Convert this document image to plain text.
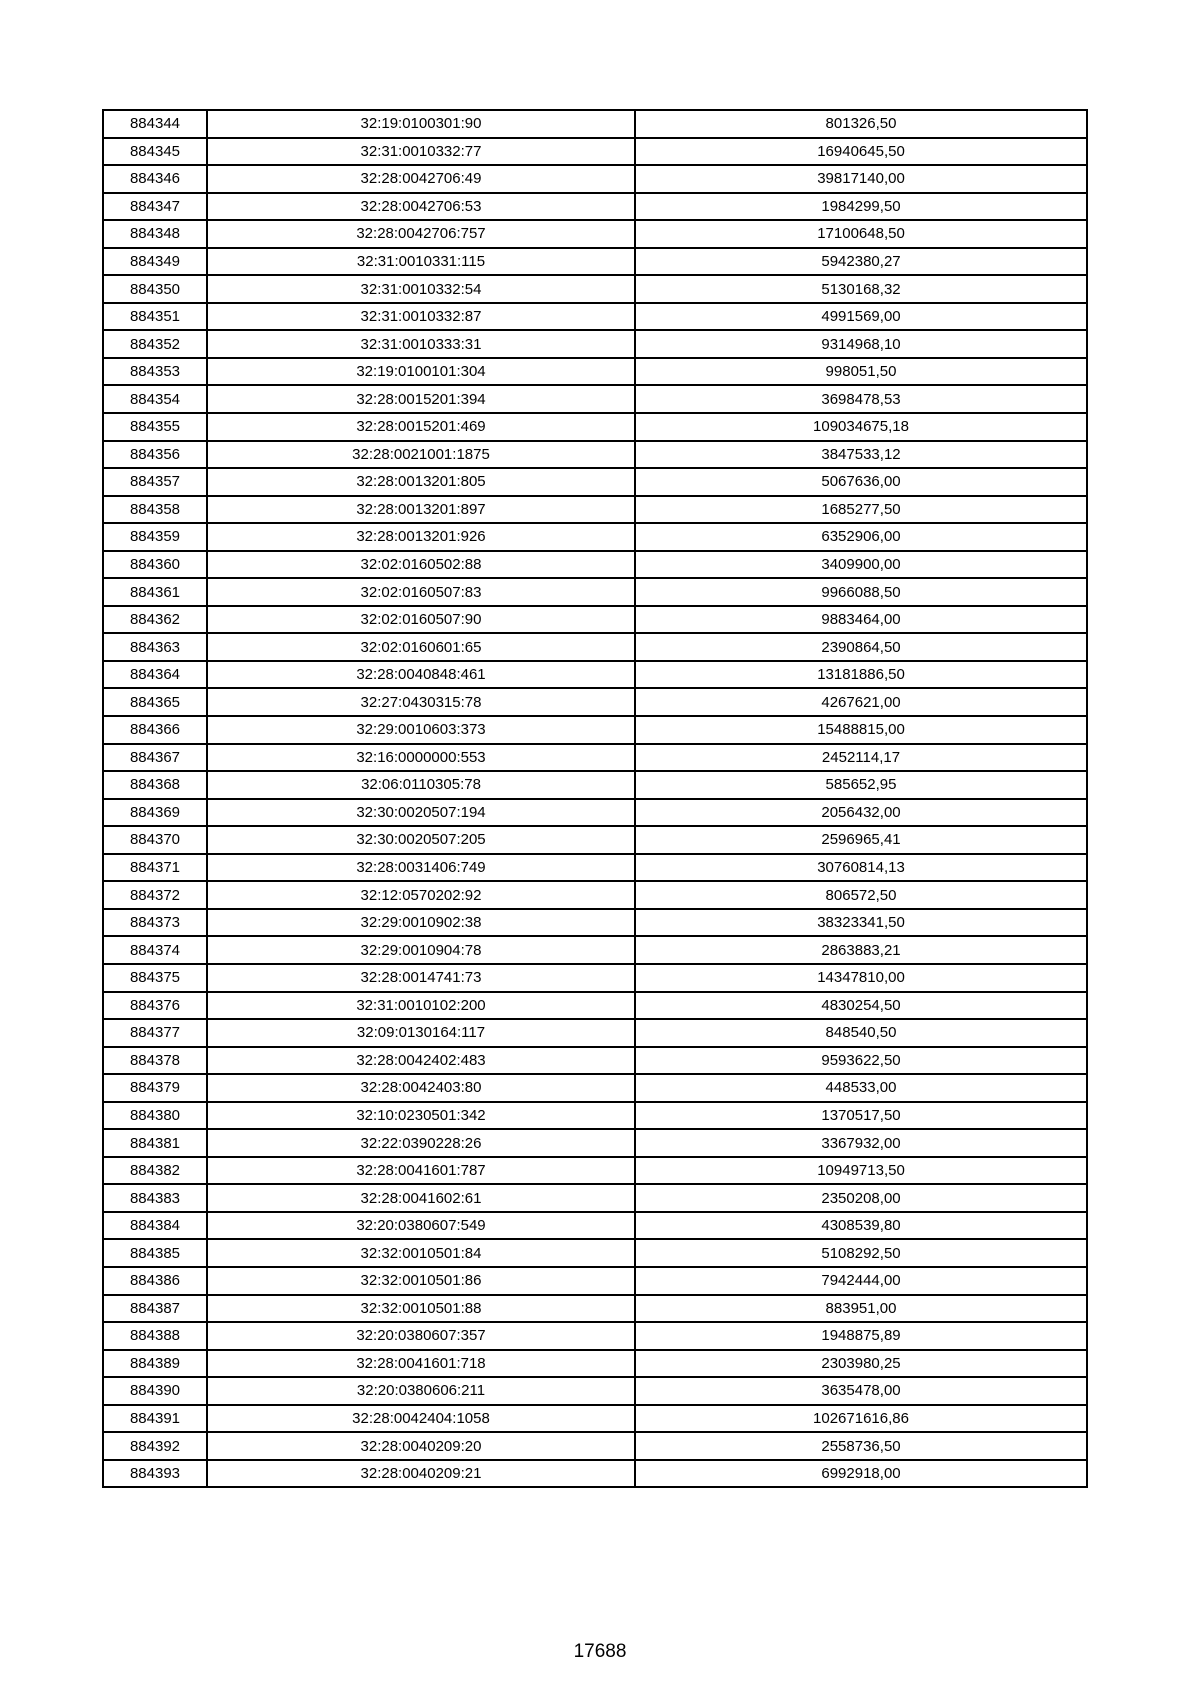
884344	32:19:0100301:90	801326,50
884345	32:31:0010332:77	16940645,50
884346	32:28:0042706:49	39817140,00
884347	32:28:0042706:53	1984299,50
884348	32:28:0042706:757	17100648,50
884349	32:31:0010331:115	5942380,27
884350	32:31:0010332:54	5130168,32
884351	32:31:0010332:87	4991569,00
884352	32:31:0010333:31	9314968,10
884353	32:19:0100101:304	998051,50
884354	32:28:0015201:394	3698478,53
884355	32:28:0015201:469	109034675,18
884356	32:28:0021001:1875	3847533,12
884357	32:28:0013201:805	5067636,00
884358	32:28:0013201:897	1685277,50
884359	32:28:0013201:926	6352906,00
884360	32:02:0160502:88	3409900,00
884361	32:02:0160507:83	9966088,50
884362	32:02:0160507:90	9883464,00
884363	32:02:0160601:65	2390864,50
884364	32:28:0040848:461	13181886,50
884365	32:27:0430315:78	4267621,00
884366	32:29:0010603:373	15488815,00
884367	32:16:0000000:553	2452114,17
884368	32:06:0110305:78	585652,95
884369	32:30:0020507:194	2056432,00
884370	32:30:0020507:205	2596965,41
884371	32:28:0031406:749	30760814,13
884372	32:12:0570202:92	806572,50
884373	32:29:0010902:38	38323341,50
884374	32:29:0010904:78	2863883,21
884375	32:28:0014741:73	14347810,00
884376	32:31:0010102:200	4830254,50
884377	32:09:0130164:117	848540,50
884378	32:28:0042402:483	9593622,50
884379	32:28:0042403:80	448533,00
884380	32:10:0230501:342	1370517,50
884381	32:22:0390228:26	3367932,00
884382	32:28:0041601:787	10949713,50
884383	32:28:0041602:61	2350208,00
884384	32:20:0380607:549	4308539,80
884385	32:32:0010501:84	5108292,50
884386	32:32:0010501:86	7942444,00
884387	32:32:0010501:88	883951,00
884388	32:20:0380607:357	1948875,89
884389	32:28:0041601:718	2303980,25
884390	32:20:0380606:211	3635478,00
884391	32:28:0042404:1058	102671616,86
884392	32:28:0040209:20	2558736,50
884393	32:28:0040209:21	6992918,00
17688
